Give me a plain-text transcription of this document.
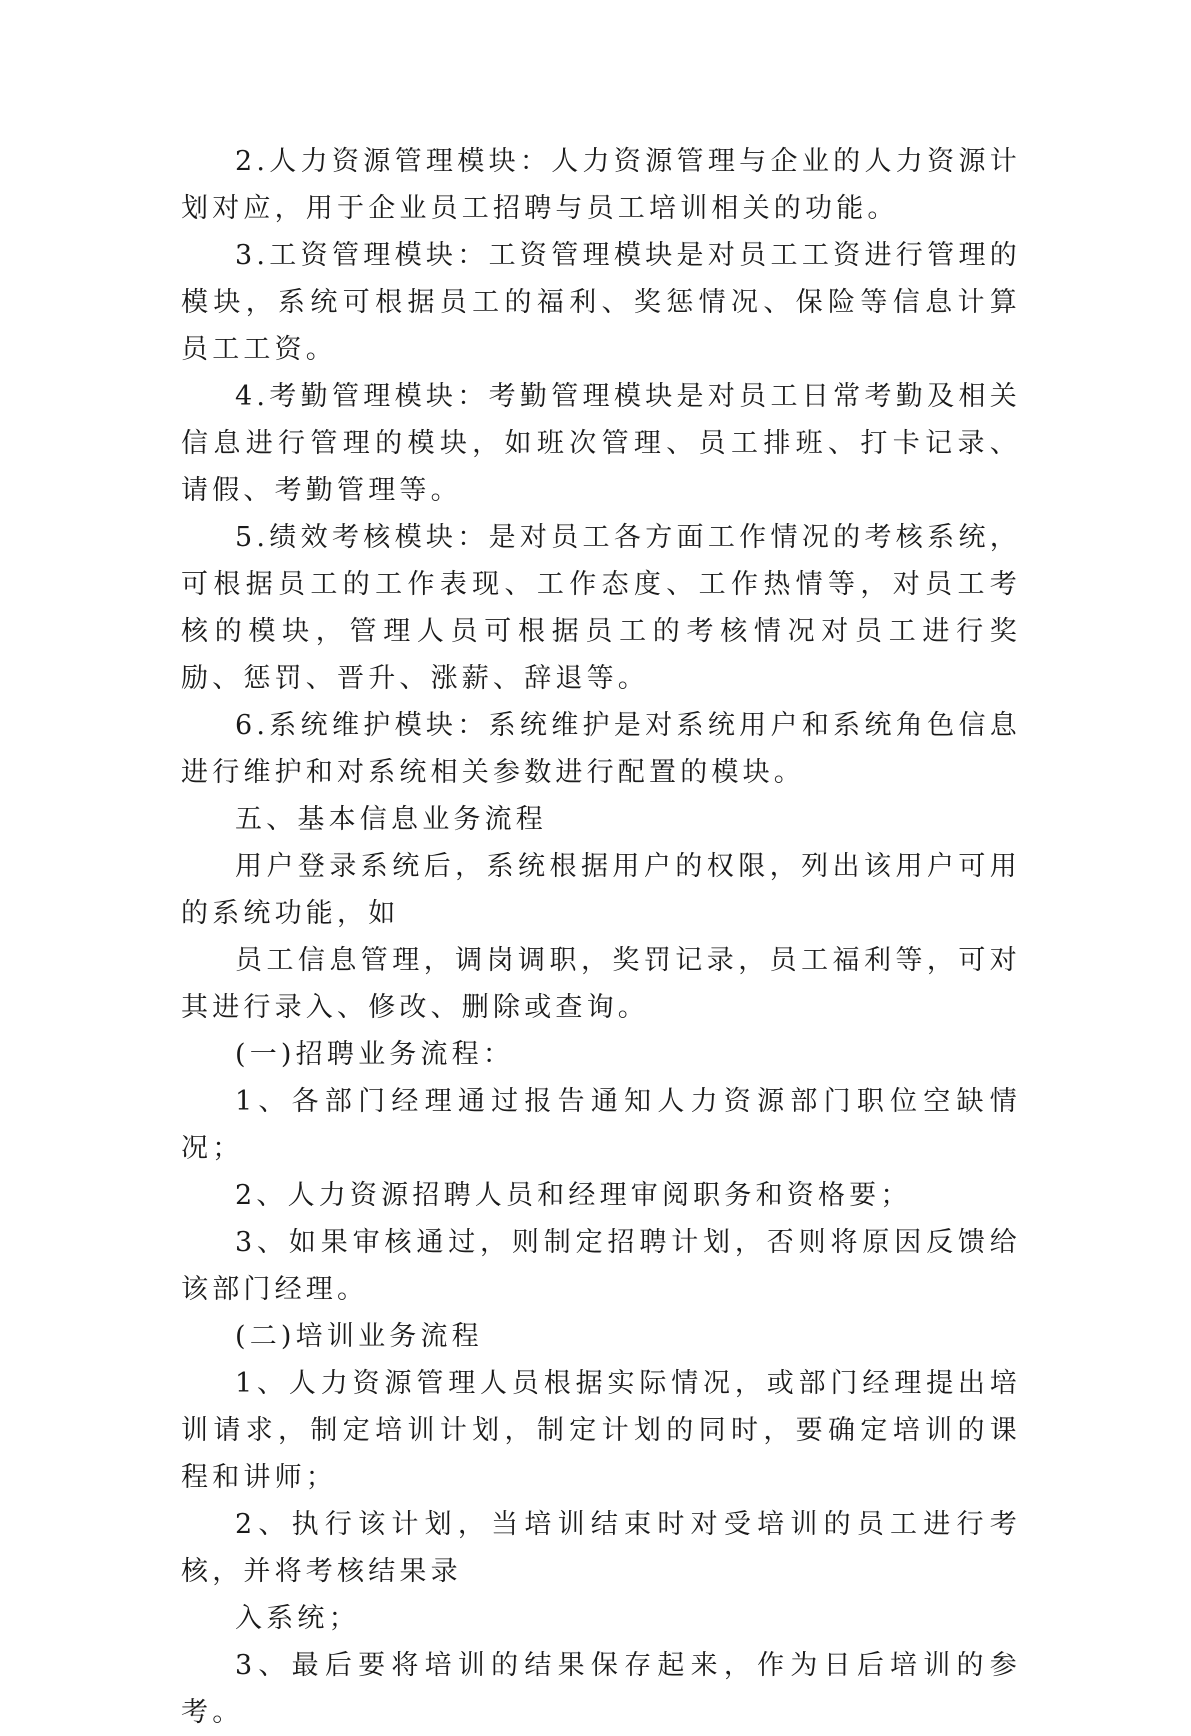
2.人力资源管理模块：人力资源管理与企业的人力资源计划对应，用于企业员工招聘与员工培训相关的功能。

3.工资管理模块：工资管理模块是对员工工资进行管理的模块，系统可根据员工的福利、奖惩情况、保险等信息计算员工工资。

4.考勤管理模块：考勤管理模块是对员工日常考勤及相关信息进行管理的模块，如班次管理、员工排班、打卡记录、请假、考勤管理等。

5.绩效考核模块：是对员工各方面工作情况的考核系统，可根据员工的工作表现、工作态度、工作热情等，对员工考核的模块，管理人员可根据员工的考核情况对员工进行奖励、惩罚、晋升、涨薪、辞退等。

6.系统维护模块：系统维护是对系统用户和系统角色信息进行维护和对系统相关参数进行配置的模块。

五、基本信息业务流程

用户登录系统后，系统根据用户的权限，列出该用户可用的系统功能，如

员工信息管理，调岗调职，奖罚记录，员工福利等，可对其进行录入、修改、删除或查询。

(一)招聘业务流程：

1、各部门经理通过报告通知人力资源部门职位空缺情况；

2、人力资源招聘人员和经理审阅职务和资格要；

3、如果审核通过，则制定招聘计划，否则将原因反馈给该部门经理。

(二)培训业务流程

1、人力资源管理人员根据实际情况，或部门经理提出培训请求，制定培训计划，制定计划的同时，要确定培训的课程和讲师；

2、执行该计划，当培训结束时对受培训的员工进行考核，并将考核结果录

入系统；

3、最后要将培训的结果保存起来，作为日后培训的参考。
